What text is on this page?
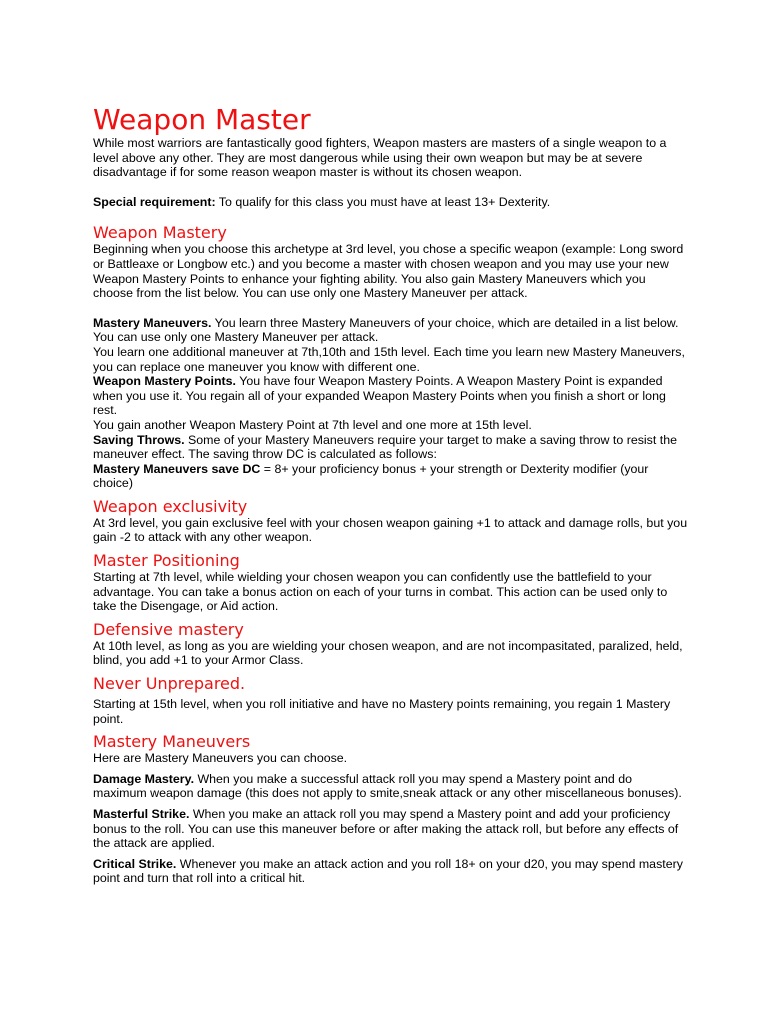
Weapon Master

While most warriors are fantastically good fighters, Weapon masters are masters of a single weapon to a level above any other. They are most dangerous while using their own weapon but may be at severe disadvantage if for some reason weapon master is without its chosen weapon.

Special requirement: To qualify for this class you must have at least 13+ Dexterity.

Weapon Mastery

Beginning when you choose this archetype at 3rd level, you chose a specific weapon (example: Long sword or Battleaxe or Longbow etc.) and you become a master with chosen weapon and you may use your new Weapon Mastery Points to enhance your fighting ability. You also gain Mastery Maneuvers which you choose from the list below. You can use only one Mastery Maneuver per attack.

Mastery Maneuvers. You learn three Mastery Maneuvers of your choice, which are detailed in a list below. You can use only one Mastery Maneuver per attack.

You learn one additional maneuver at 7th,10th and 15th level. Each time you learn new Mastery Maneuvers, you can replace one maneuver you know with different one.

Weapon Mastery Points. You have four Weapon Mastery Points. A Weapon Mastery Point is expanded when you use it. You regain all of your expanded Weapon Mastery Points when you finish a short or long rest.

You gain another Weapon Mastery Point at 7th level and one more at 15th level.

Saving Throws. Some of your Mastery Maneuvers require your target to make a saving throw to resist the maneuver effect. The saving throw DC is calculated as follows:

Mastery Maneuvers save DC = 8+ your proficiency bonus + your strength or Dexterity modifier (your choice)

Weapon exclusivity

At 3rd level, you gain exclusive feel with your chosen weapon gaining +1 to attack and damage rolls, but you gain -2 to attack with any other weapon.

Master Positioning

Starting at 7th level, while wielding your chosen weapon you can confidently use the battlefield to your advantage. You can take a bonus action on each of your turns in combat. This action can be used only to take the Disengage, or Aid action.

Defensive mastery

At 10th level, as long as you are wielding your chosen weapon, and are not incompasitated, paralized, held, blind, you add +1 to your Armor Class.

Never Unprepared.

Starting at 15th level, when you roll initiative and have no Mastery points remaining, you regain 1 Mastery point.

Mastery Maneuvers

Here are Mastery Maneuvers you can choose.

Damage Mastery. When you make a successful attack roll you may spend a Mastery point and do maximum weapon damage (this does not apply to smite,sneak attack or any other miscellaneous bonuses).

Masterful Strike. When you make an attack roll you may spend a Mastery point and add your proficiency bonus to the roll. You can use this maneuver before or after making the attack roll, but before any effects of the attack are applied.

Critical Strike. Whenever you make an attack action and you roll 18+ on your d20, you may spend mastery point and turn that roll into a critical hit.
